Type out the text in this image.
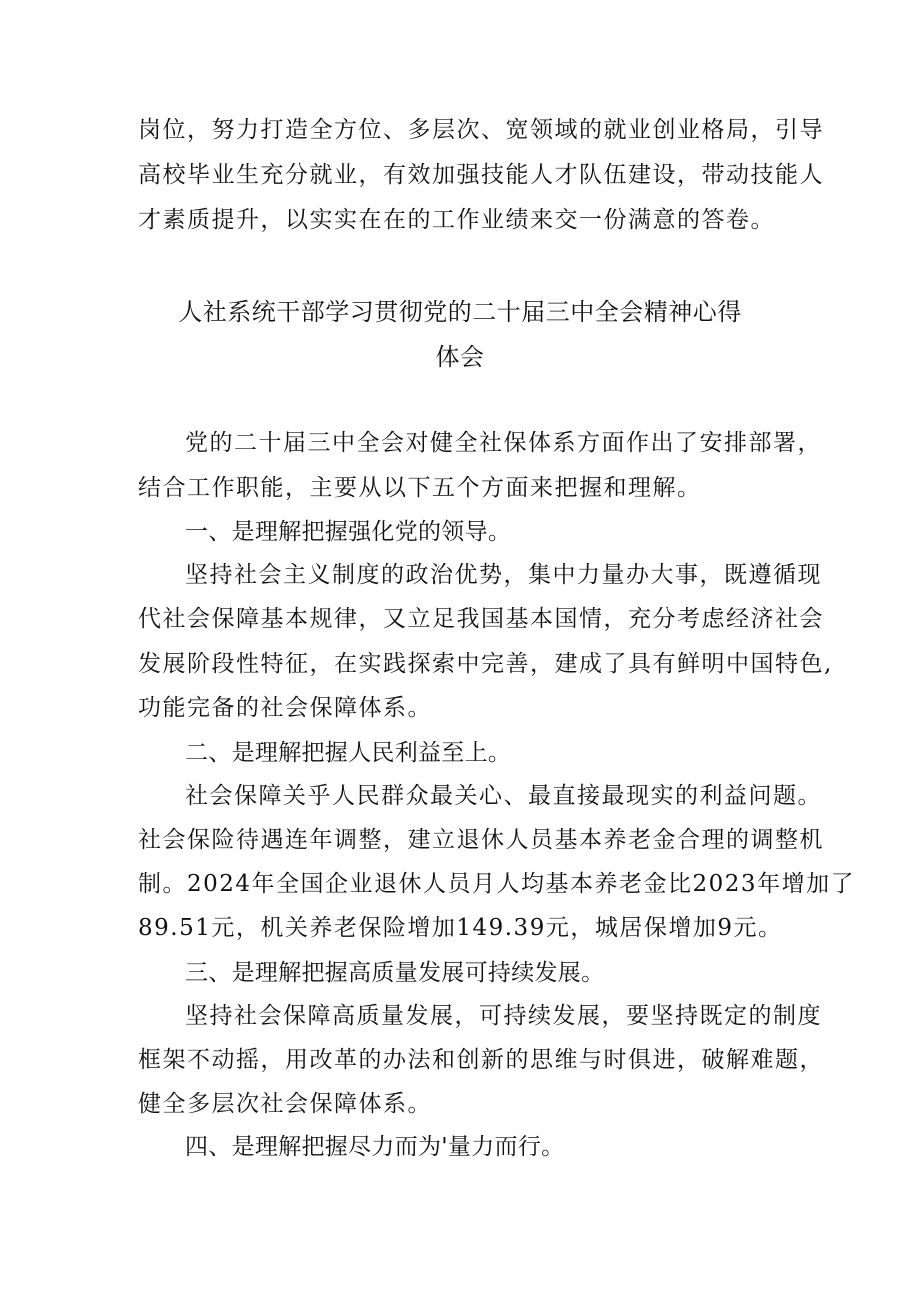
岗位，努力打造全方位、多层次、宽领域的就业创业格局，引导
高校毕业生充分就业，有效加强技能人才队伍建设，带动技能人
才素质提升，以实实在在的工作业绩来交一份满意的答卷。
人社系统干部学习贯彻党的二十届三中全会精神心得
体会
党的二十届三中全会对健全社保体系方面作出了安排部署，
结合工作职能，主要从以下五个方面来把握和理解。
一、是理解把握强化党的领导。
坚持社会主义制度的政治优势，集中力量办大事，既遵循现
代社会保障基本规律，又立足我国基本国情，充分考虑经济社会
发展阶段性特征，在实践探索中完善，建成了具有鲜明中国特色,
功能完备的社会保障体系。
二、是理解把握人民利益至上。
社会保障关乎人民群众最关心、最直接最现实的利益问题。
社会保险待遇连年调整，建立退休人员基本养老金合理的调整机
制。2024年全国企业退休人员月人均基本养老金比2023年增加了
89.51元，机关养老保险增加149.39元，城居保增加9元。
三、是理解把握高质量发展可持续发展。
坚持社会保障高质量发展，可持续发展，要坚持既定的制度
框架不动摇，用改革的办法和创新的思维与时俱进，破解难题，
健全多层次社会保障体系。
四、是理解把握尽力而为'量力而行。
